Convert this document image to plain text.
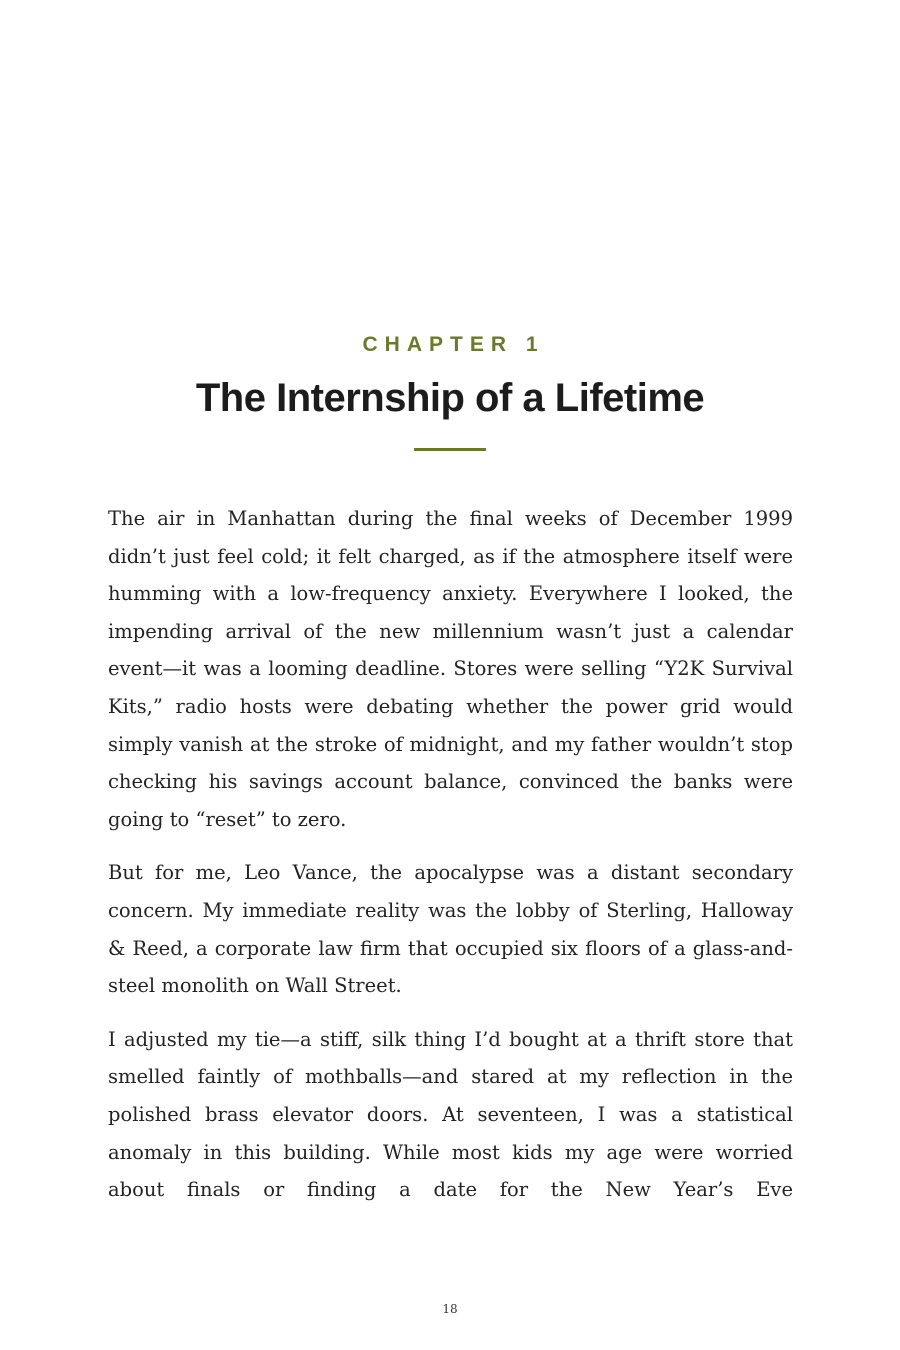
CHAPTER 1
The Internship of a Lifetime

The air in Manhattan during the final weeks of December 1999 didn’t just feel cold; it felt charged, as if the atmosphere itself were humming with a low-frequency anxiety. Everywhere I looked, the impending arrival of the new millennium wasn’t just a calendar event—it was a looming deadline. Stores were selling “Y2K Survival Kits,” radio hosts were debating whether the power grid would simply vanish at the stroke of midnight, and my father wouldn’t stop checking his savings account balance, convinced the banks were going to “reset” to zero.

But for me, Leo Vance, the apocalypse was a distant secondary concern. My immediate reality was the lobby of Sterling, Halloway & Reed, a corporate law firm that occupied six floors of a glass-and-steel monolith on Wall Street.

I adjusted my tie—a stiff, silk thing I’d bought at a thrift store that smelled faintly of mothballs—and stared at my reflection in the polished brass elevator doors. At seventeen, I was a statistical anomaly in this building. While most kids my age were worried about finals or finding a date for the New Year’s Eve

18
